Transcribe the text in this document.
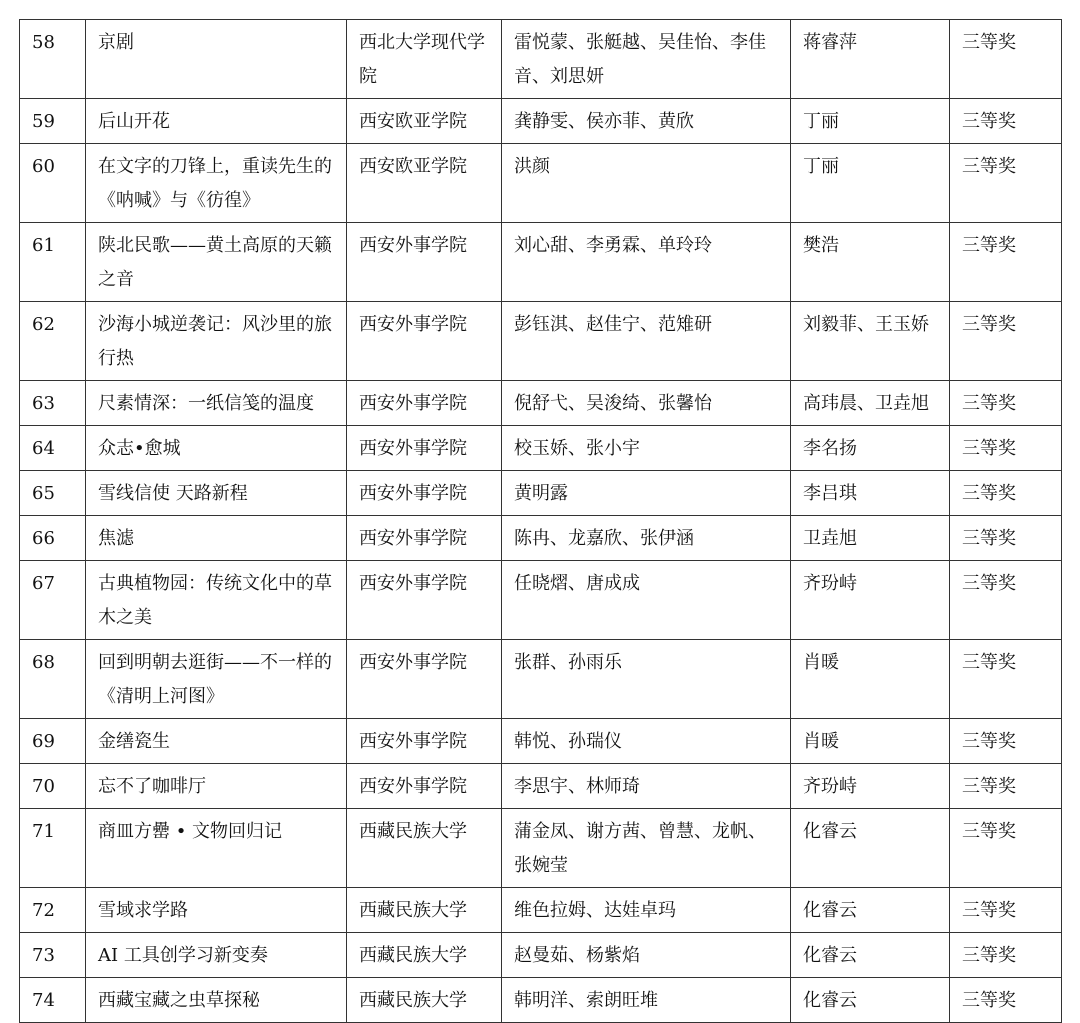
58	京剧	西北大学现代学院	雷悦蒙、张艇越、吴佳怡、李佳音、刘思妍	蒋睿萍	三等奖
59	后山开花	西安欧亚学院	龚静雯、侯亦菲、黄欣	丁丽	三等奖
60	在文字的刀锋上，重读先生的《呐喊》与《彷徨》	西安欧亚学院	洪颜	丁丽	三等奖
61	陕北民歌——黄土高原的天籁之音	西安外事学院	刘心甜、李勇霖、单玲玲	樊浩	三等奖
62	沙海小城逆袭记：风沙里的旅行热	西安外事学院	彭钰淇、赵佳宁、范雉研	刘毅菲、王玉娇	三等奖
63	尺素情深：一纸信笺的温度	西安外事学院	倪舒弋、吴浚绮、张馨怡	高玮晨、卫垚旭	三等奖
64	众志•愈城	西安外事学院	校玉娇、张小宇	李名扬	三等奖
65	雪线信使 天路新程	西安外事学院	黄明露	李吕琪	三等奖
66	焦滤	西安外事学院	陈冉、龙嘉欣、张伊涵	卫垚旭	三等奖
67	古典植物园：传统文化中的草木之美	西安外事学院	任晓熠、唐成成	齐玢峙	三等奖
68	回到明朝去逛街——不一样的《清明上河图》	西安外事学院	张群、孙雨乐	肖暖	三等奖
69	金缮瓷生	西安外事学院	韩悦、孙瑞仪	肖暖	三等奖
70	忘不了咖啡厅	西安外事学院	李思宇、林师琦	齐玢峙	三等奖
71	商皿方罍 • 文物回归记	西藏民族大学	蒲金凤、谢方茜、曾慧、龙帆、张婉莹	化睿云	三等奖
72	雪域求学路	西藏民族大学	维色拉姆、达娃卓玛	化睿云	三等奖
73	AI 工具创学习新变奏	西藏民族大学	赵曼茹、杨紫焰	化睿云	三等奖
74	西藏宝藏之虫草探秘	西藏民族大学	韩明洋、索朗旺堆	化睿云	三等奖
